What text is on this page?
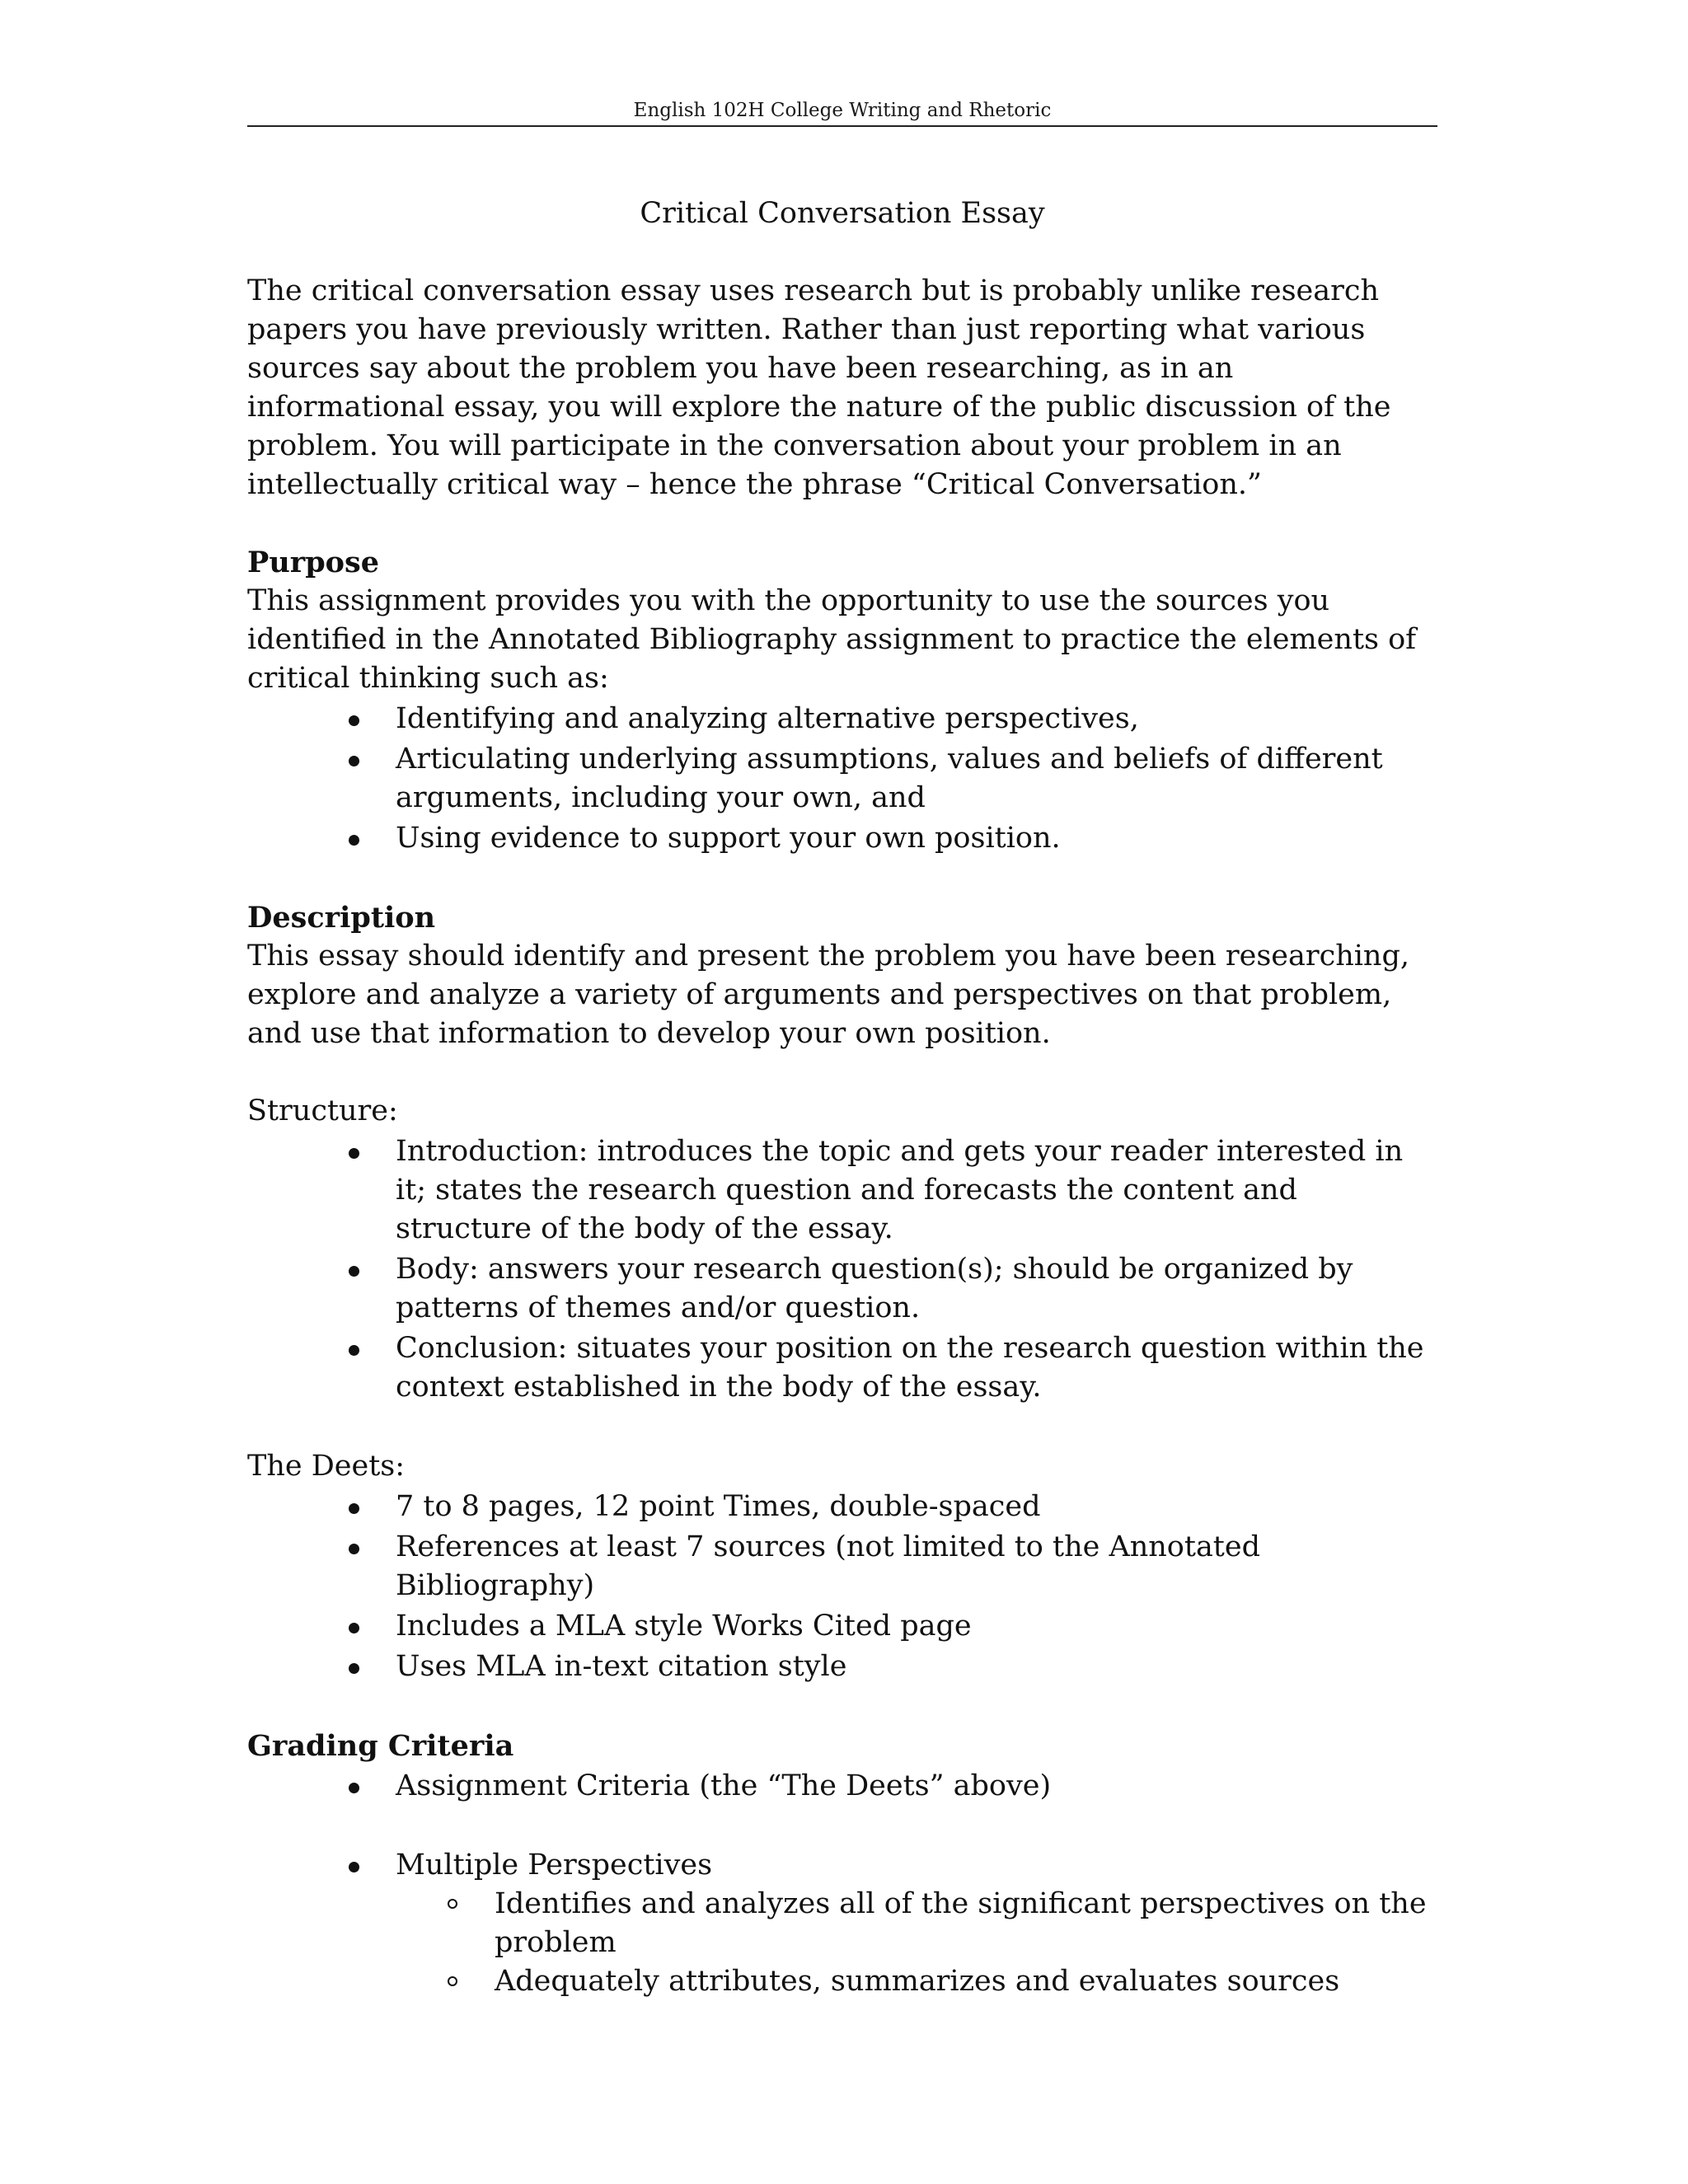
English 102H College Writing and Rhetoric

Critical Conversation Essay

The critical conversation essay uses research but is probably unlike research papers you have previously written. Rather than just reporting what various sources say about the problem you have been researching, as in an informational essay, you will explore the nature of the public discussion of the problem. You will participate in the conversation about your problem in an intellectually critical way – hence the phrase “Critical Conversation.”

Purpose

This assignment provides you with the opportunity to use the sources you identified in the Annotated Bibliography assignment to practice the elements of critical thinking such as:

Identifying and analyzing alternative perspectives,
Articulating underlying assumptions, values and beliefs of different arguments, including your own, and
Using evidence to support your own position.

Description

This essay should identify and present the problem you have been researching, explore and analyze a variety of arguments and perspectives on that problem, and use that information to develop your own position.

Structure:

Introduction: introduces the topic and gets your reader interested in it; states the research question and forecasts the content and structure of the body of the essay.
Body: answers your research question(s); should be organized by patterns of themes and/or question.
Conclusion: situates your position on the research question within the context established in the body of the essay.

The Deets:

7 to 8 pages, 12 point Times, double-spaced
References at least 7 sources (not limited to the Annotated Bibliography)
Includes a MLA style Works Cited page
Uses MLA in-text citation style

Grading Criteria

Assignment Criteria (the “The Deets” above)
Multiple Perspectives
Identifies and analyzes all of the significant perspectives on the problem
Adequately attributes, summarizes and evaluates sources
